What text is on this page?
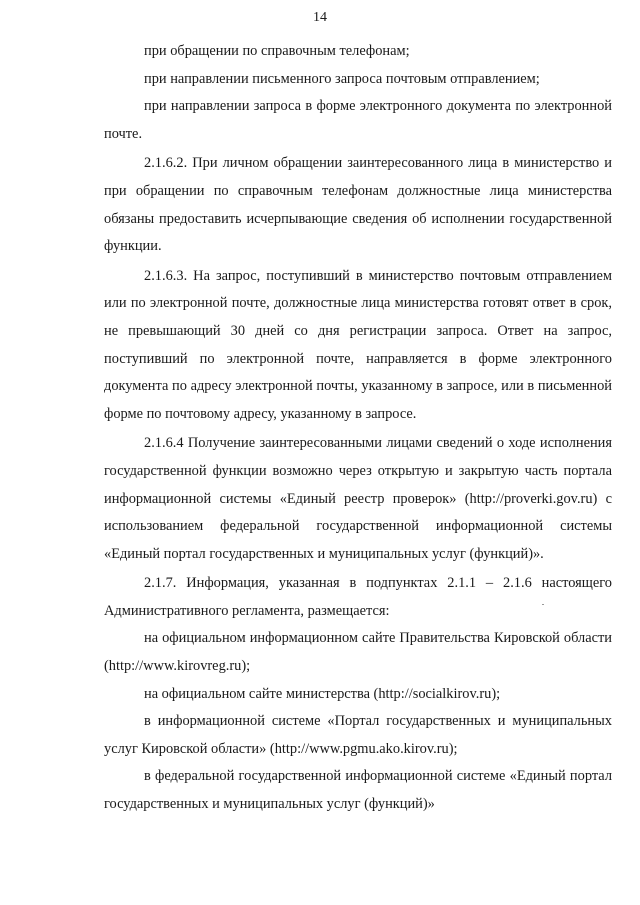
14

при обращении по справочным телефонам;

при направлении письменного запроса почтовым отправлением;

при направлении запроса в форме электронного документа по электронной почте.

2.1.6.2. При личном обращении заинтересованного лица в министерство и при обращении по справочным телефонам должностные лица министерства обязаны предоставить исчерпывающие сведения об исполнении государственной функции.

2.1.6.3. На запрос, поступивший в министерство почтовым отправлением или по электронной почте, должностные лица министерства готовят ответ в срок, не превышающий 30 дней со дня регистрации запроса. Ответ на запрос, поступивший по электронной почте, направляется в форме электронного документа по адресу электронной почты, указанному в запросе, или в письменной форме по почтовому адресу, указанному в запросе.

2.1.6.4 Получение заинтересованными лицами сведений о ходе исполнения государственной функции возможно через открытую и закрытую часть портала информационной системы «Единый реестр проверок» (http://proverki.gov.ru) с использованием федеральной государственной информационной системы «Единый портал государственных и муниципальных услуг (функций)».

2.1.7. Информация, указанная в подпунктах 2.1.1 – 2.1.6 настоящего Административного регламента, размещается:

на официальном информационном сайте Правительства Кировской области (http://www.kirovreg.ru);

на официальном сайте министерства (http://socialkirov.ru);

в информационной системе «Портал государственных и муниципальных услуг Кировской области» (http://www.pgmu.ako.kirov.ru);

в федеральной государственной информационной системе «Единый портал государственных и муниципальных услуг (функций)»
